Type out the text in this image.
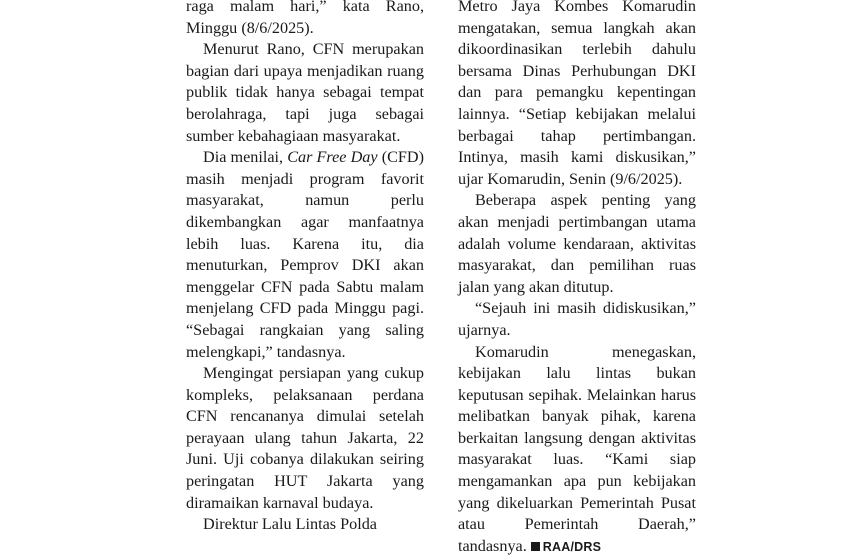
raga malam hari,” kata Rano, Minggu (8/6/2025).

Menurut Rano, CFN merupakan bagian dari upaya menjadikan ruang publik tidak hanya sebagai tempat berolahraga, tapi juga sebagai sumber kebahagiaan masyarakat.

Dia menilai, Car Free Day (CFD) masih menjadi program favorit masyarakat, namun perlu dikembangkan agar manfaatnya lebih luas. Karena itu, dia menuturkan, Pemprov DKI akan menggelar CFN pada Sabtu malam menjelang CFD pada Minggu pagi. “Sebagai rangkaian yang saling melengkapi,” tandasnya.

Mengingat persiapan yang cukup kompleks, pelaksanaan perdana CFN rencananya dimulai setelah perayaan ulang tahun Jakarta, 22 Juni. Uji cobanya dilakukan seiring peringatan HUT Jakarta yang diramaikan karnaval budaya.

Direktur Lalu Lintas Polda

Metro Jaya Kombes Komarudin mengatakan, semua langkah akan dikoordinasikan terlebih dahulu bersama Dinas Perhubungan DKI dan para pemangku kepentingan lainnya. “Setiap kebijakan melalui berbagai tahap pertimbangan. Intinya, masih kami diskusikan,” ujar Komarudin, Senin (9/6/2025).

Beberapa aspek penting yang akan menjadi pertimbangan utama adalah volume kendaraan, aktivitas masyarakat, dan pemilihan ruas jalan yang akan ditutup.

“Sejauh ini masih didiskusikan,” ujarnya.

Komarudin menegaskan, kebijakan lalu lintas bukan keputusan sepihak. Melainkan harus melibatkan banyak pihak, karena berkaitan langsung dengan aktivitas masyarakat luas. “Kami siap mengamankan apa pun kebijakan yang dikeluarkan Pemerintah Pusat atau Pemerintah Daerah,” tandasnya. RAA/DRS
